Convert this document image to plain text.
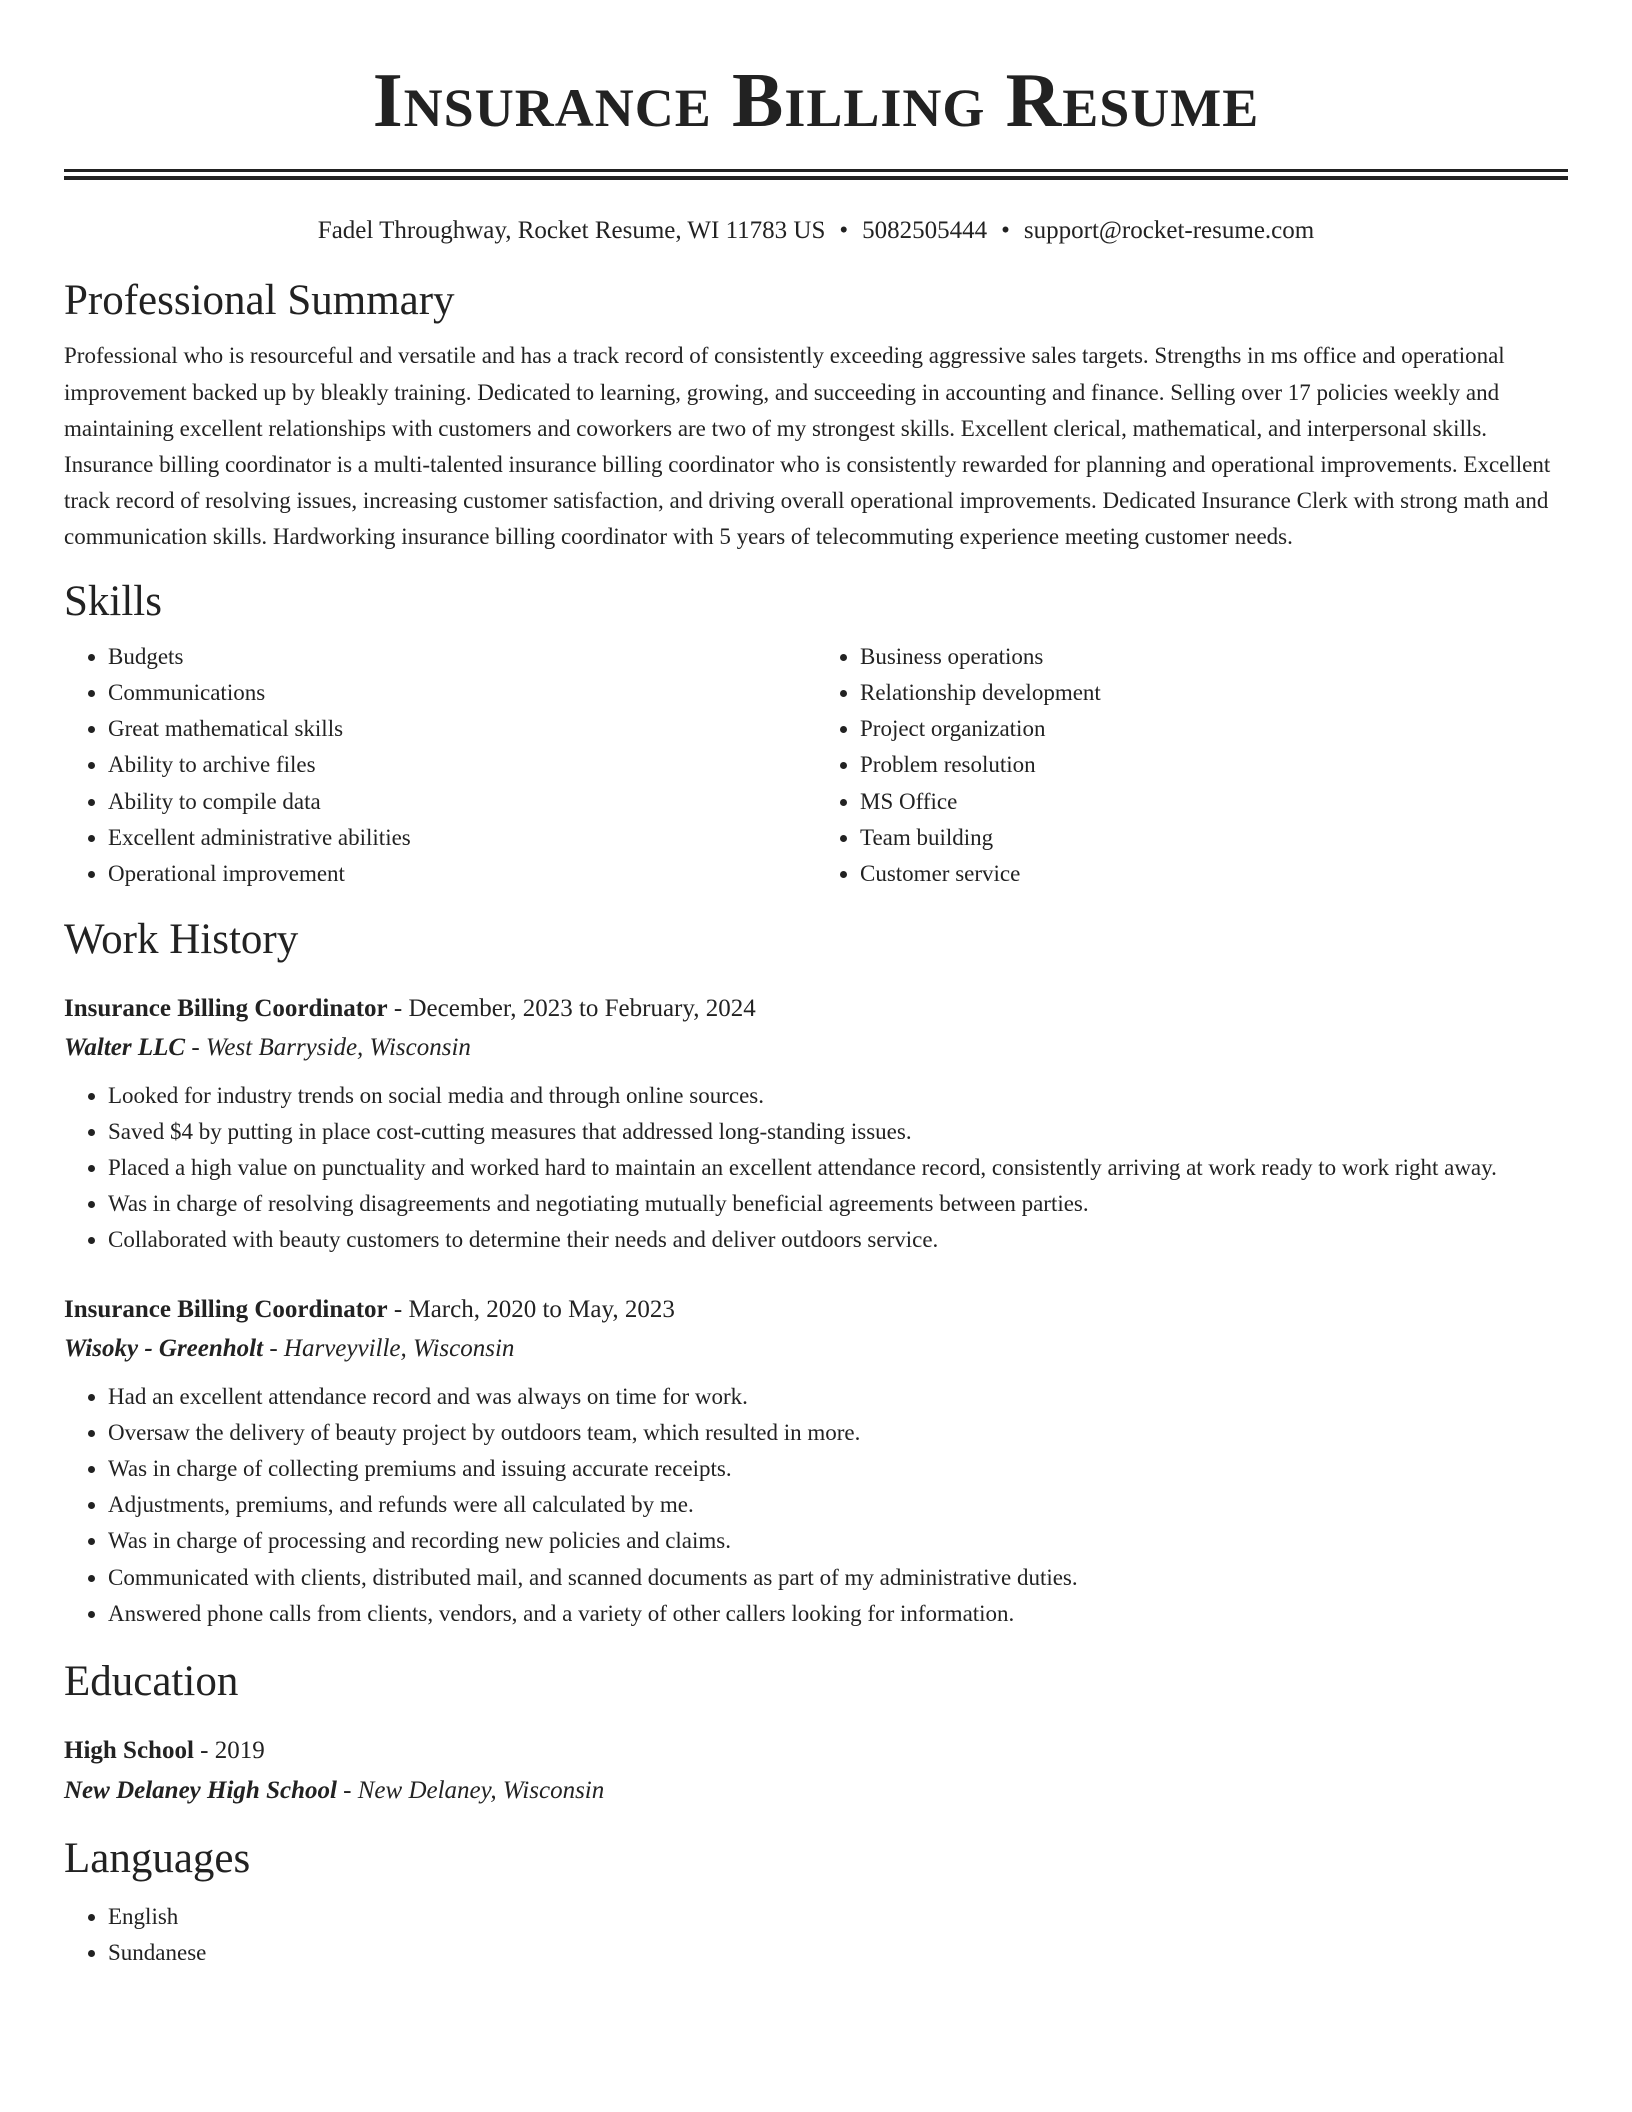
Insurance Billing Resume
Fadel Throughway, Rocket Resume, WI 11783 US • 5082505444 • support@rocket-resume.com
Professional Summary

Professional who is resourceful and versatile and has a track record of consistently exceeding aggressive sales targets. Strengths in ms office and operational improvement backed up by bleakly training. Dedicated to learning, growing, and succeeding in accounting and finance. Selling over 17 policies weekly and maintaining excellent relationships with customers and coworkers are two of my strongest skills. Excellent clerical, mathematical, and interpersonal skills. Insurance billing coordinator is a multi-talented insurance billing coordinator who is consistently rewarded for planning and operational improvements. Excellent track record of resolving issues, increasing customer satisfaction, and driving overall operational improvements. Dedicated Insurance Clerk with strong math and communication skills. Hardworking insurance billing coordinator with 5 years of telecommuting experience meeting customer needs.

Skills
• Budgets
• Communications
• Great mathematical skills
• Ability to archive files
• Ability to compile data
• Excellent administrative abilities
• Operational improvement
• Business operations
• Relationship development
• Project organization
• Problem resolution
• MS Office
• Team building
• Customer service
Work History
Insurance Billing Coordinator - December, 2023 to February, 2024
Walter LLC - West Barryside, Wisconsin
• Looked for industry trends on social media and through online sources.
• Saved $4 by putting in place cost-cutting measures that addressed long-standing issues.
• Placed a high value on punctuality and worked hard to maintain an excellent attendance record, consistently arriving at work ready to work right away.
• Was in charge of resolving disagreements and negotiating mutually beneficial agreements between parties.
• Collaborated with beauty customers to determine their needs and deliver outdoors service.
Insurance Billing Coordinator - March, 2020 to May, 2023
Wisoky - Greenholt - Harveyville, Wisconsin
• Had an excellent attendance record and was always on time for work.
• Oversaw the delivery of beauty project by outdoors team, which resulted in more.
• Was in charge of collecting premiums and issuing accurate receipts.
• Adjustments, premiums, and refunds were all calculated by me.
• Was in charge of processing and recording new policies and claims.
• Communicated with clients, distributed mail, and scanned documents as part of my administrative duties.
• Answered phone calls from clients, vendors, and a variety of other callers looking for information.
Education
High School - 2019
New Delaney High School - New Delaney, Wisconsin
Languages
• English
• Sundanese
